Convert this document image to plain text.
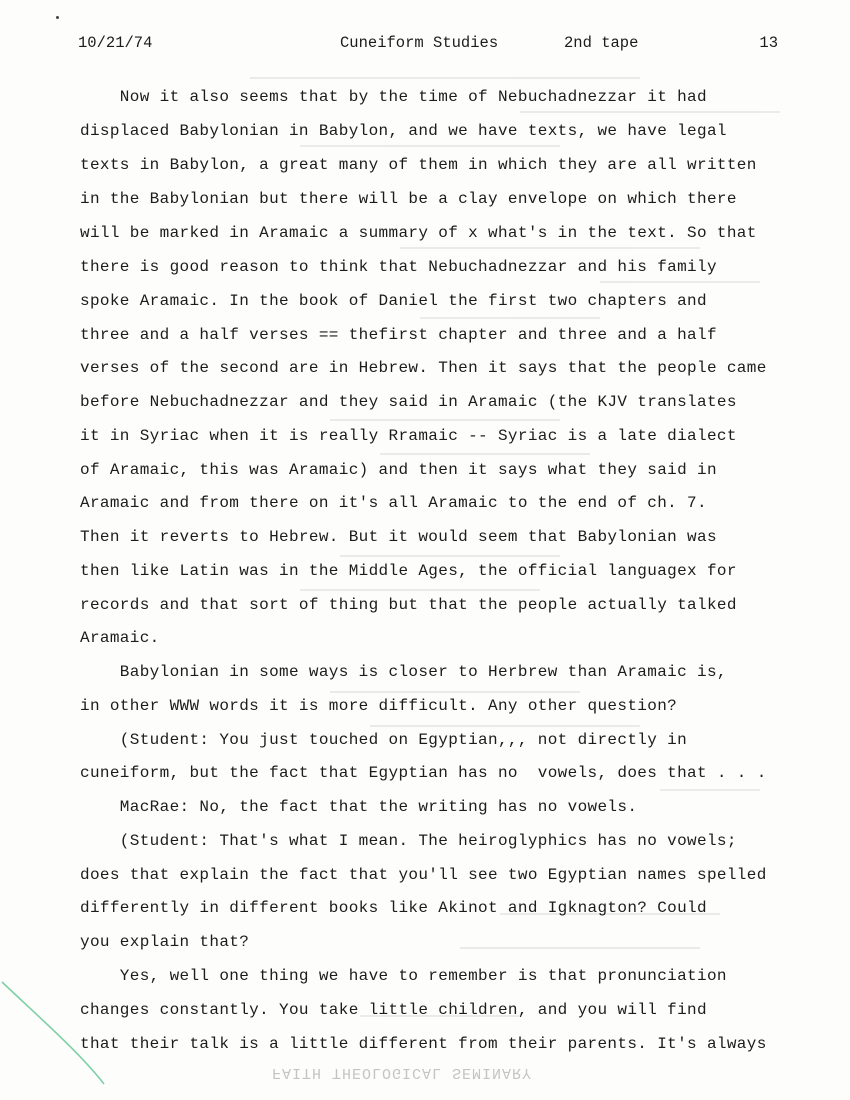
10/21/74	Cuneiform Studies	2nd tape	13
Now it also seems that by the time of Nebuchadnezzar it had
displaced Babylonian in Babylon, and we have texts, we have legal
texts in Babylon, a great many of them in which they are all written
in the Babylonian but there will be a clay envelope on which there
will be marked in Aramaic a summary of x what's in the text. So that
there is good reason to think that Nebuchadnezzar and his family
spoke Aramaic. In the book of Daniel the first two chapters and
three and a half verses == thefirst chapter and three and a half
verses of the second are in Hebrew. Then it says that the people came
before Nebuchadnezzar and they said in Aramaic (the KJV translates
it in Syriac when it is really Rramaic -- Syriac is a late dialect
of Aramaic, this was Aramaic) and then it says what they said in
Aramaic and from there on it's all Aramaic to the end of ch. 7.
Then it reverts to Hebrew. But it would seem that Babylonian was
then like Latin was in the Middle Ages, the official languagex for
records and that sort of thing but that the people actually talked
Aramaic.
Babylonian in some ways is closer to Herbrew than Aramaic is,
in other WWW words it is more difficult. Any other question?
(Student: You just touched on Egyptian,,, not directly in
cuneiform, but the fact that Egyptian has no  vowels, does that . . .
MacRae: No, the fact that the writing has no vowels.
(Student: That's what I mean. The heiroglyphics has no vowels;
does that explain the fact that you'll see two Egyptian names spelled
differently in different books like Akinot and Igknagton? Could
you explain that?
Yes, well one thing we have to remember is that pronunciation
changes constantly. You take little children, and you will find
that their talk is a little different from their parents. It's always
FAITH THEOLOGICAL SEMINARY
